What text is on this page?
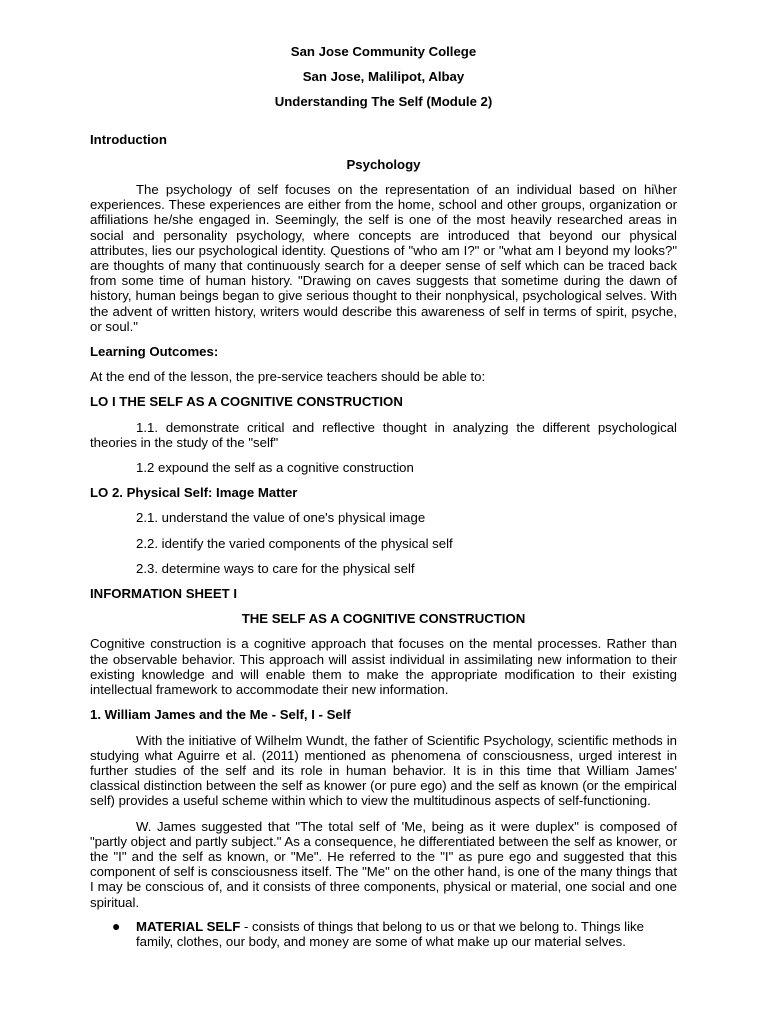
San Jose Community College

San Jose, Malilipot, Albay

Understanding The Self (Module 2)

Introduction

Psychology

The psychology of self focuses on the representation of an individual based on hi\her experiences. These experiences are either from the home, school and other groups, organization or affiliations he/she engaged in. Seemingly, the self is one of the most heavily researched areas in social and personality psychology, where concepts are introduced that beyond our physical attributes, lies our psychological identity. Questions of "who am I?" or "what am I beyond my looks?" are thoughts of many that continuously search for a deeper sense of self which can be traced back from some time of human history. "Drawing on caves suggests that sometime during the dawn of history, human beings began to give serious thought to their nonphysical, psychological selves. With the advent of written history, writers would describe this awareness of self in terms of spirit, psyche, or soul."

Learning Outcomes:

At the end of the lesson, the pre-service teachers should be able to:

LO I THE SELF AS A COGNITIVE CONSTRUCTION

1.1. demonstrate critical and reflective thought in analyzing the different psychological theories in the study of the "self"

1.2 expound the self as a cognitive construction

LO 2. Physical Self: Image Matter

2.1. understand the value of one's physical image

2.2. identify the varied components of the physical self

2.3. determine ways to care for the physical self

INFORMATION SHEET I

THE SELF AS A COGNITIVE CONSTRUCTION

Cognitive construction is a cognitive approach that focuses on the mental processes. Rather than the observable behavior. This approach will assist individual in assimilating new information to their existing knowledge and will enable them to make the appropriate modification to their existing intellectual framework to accommodate their new information.

1. William James and the Me - Self, I - Self

With the initiative of Wilhelm Wundt, the father of Scientific Psychology, scientific methods in studying what Aguirre et al. (2011) mentioned as phenomena of consciousness, urged interest in further studies of the self and its role in human behavior. It is in this time that William James' classical distinction between the self as knower (or pure ego) and the self as known (or the empirical self) provides a useful scheme within which to view the multitudinous aspects of self-functioning.

W. James suggested that "The total self of 'Me, being as it were duplex" is composed of "partly object and partly subject." As a consequence, he differentiated between the self as knower, or the "I" and the self as known, or "Me". He referred to the "I" as pure ego and suggested that this component of self is consciousness itself. The "Me" on the other hand, is one of the many things that I may be conscious of, and it consists of three components, physical or material, one social and one spiritual.

●	MATERIAL SELF - consists of things that belong to us or that we belong to. Things like family, clothes, our body, and money are some of what make up our material selves.
